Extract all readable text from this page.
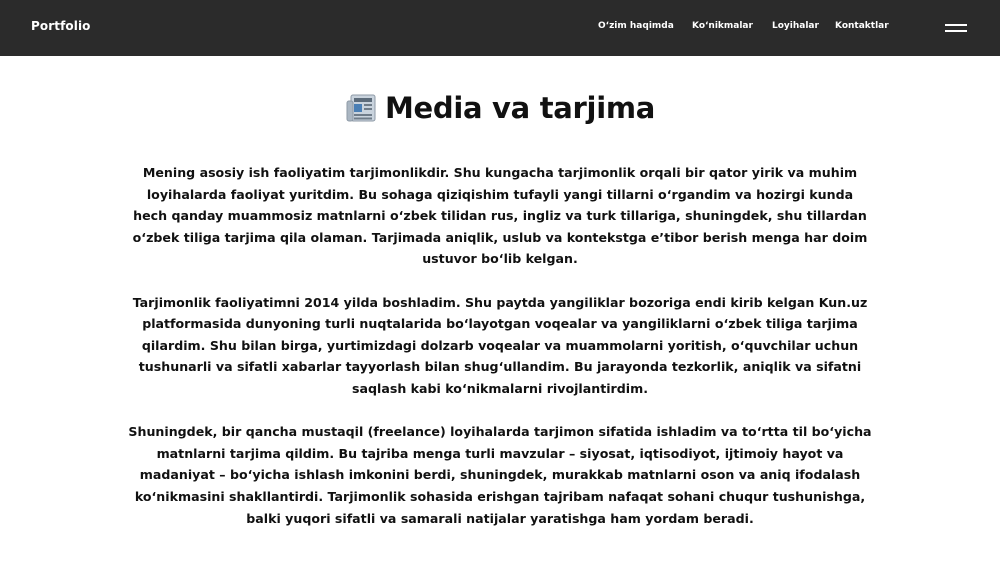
Portfolio	O‘zim haqimda Ko‘nikmalar Loyihalar Kontaktlar
Media va tarjima

Mening asosiy ish faoliyatim tarjimonlikdir. Shu kungacha tarjimonlik orqali bir qator yirik va muhim loyihalarda faoliyat yuritdim. Bu sohaga qiziqishim tufayli yangi tillarni o‘rgandim va hozirgi kunda hech qanday muammosiz matnlarni o‘zbek tilidan rus, ingliz va turk tillariga, shuningdek, shu tillardan o‘zbek tiliga tarjima qila olaman. Tarjimada aniqlik, uslub va kontekstga e’tibor berish menga har doim ustuvor bo‘lib kelgan.

Tarjimonlik faoliyatimni 2014 yilda boshladim. Shu paytda yangiliklar bozoriga endi kirib kelgan Kun.uz platformasida dunyoning turli nuqtalarida bo‘layotgan voqealar va yangiliklarni o‘zbek tiliga tarjima qilardim. Shu bilan birga, yurtimizdagi dolzarb voqealar va muammolarni yoritish, o‘quvchilar uchun tushunarli va sifatli xabarlar tayyorlash bilan shug‘ullandim. Bu jarayonda tezkorlik, aniqlik va sifatni saqlash kabi ko‘nikmalarni rivojlantirdim.

Shuningdek, bir qancha mustaqil (freelance) loyihalarda tarjimon sifatida ishladim va to‘rtta til bo‘yicha matnlarni tarjima qildim. Bu tajriba menga turli mavzular – siyosat, iqtisodiyot, ijtimoiy hayot va madaniyat – bo‘yicha ishlash imkonini berdi, shuningdek, murakkab matnlarni oson va aniq ifodalash ko‘nikmasini shakllantirdi. Tarjimonlik sohasida erishgan tajribam nafaqat sohani chuqur tushunishga, balki yuqori sifatli va samarali natijalar yaratishga ham yordam beradi.
